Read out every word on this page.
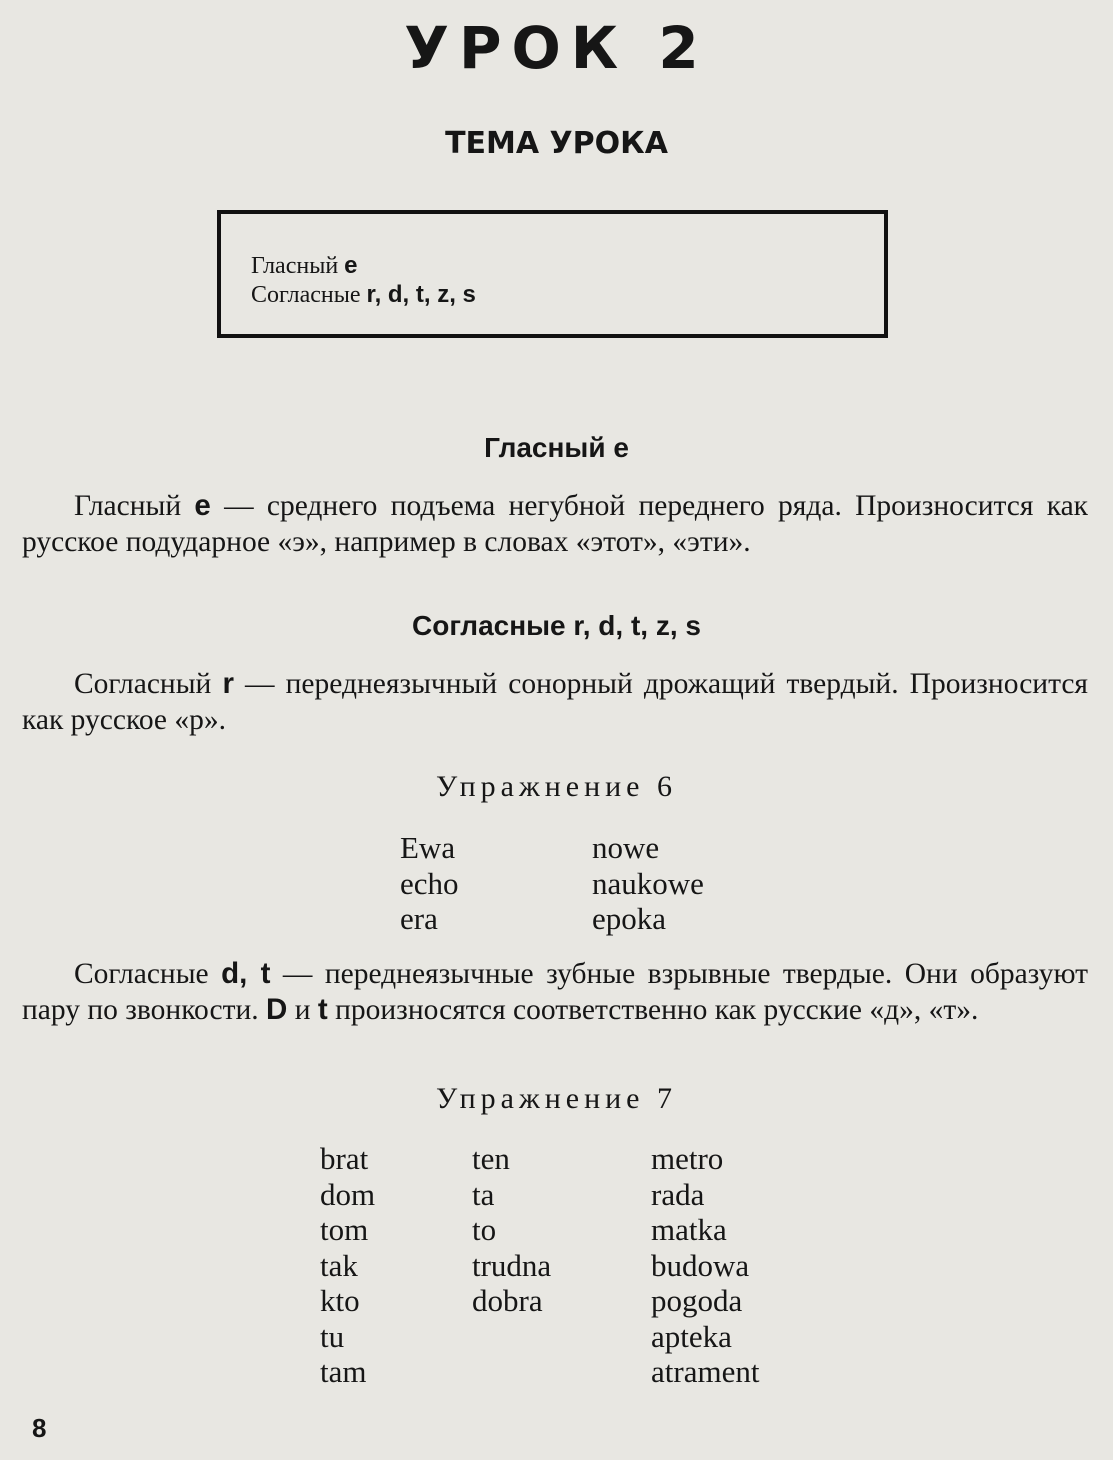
УРОК 2
ТЕМА УРОКА
Гласный e
Согласные r, d, t, z, s
Гласный e
Гласный e — среднего подъема негубной переднего ряда. Произносится как русское подударное «э», например в словах «этот», «эти».
Согласные r, d, t, z, s
Согласный r — переднеязычный сонорный дрожащий твердый. Произносится как русское «р».
Упражнение 6
Ewa
echo
era
nowe
naukowe
epoka
Согласные d, t — переднеязычные зубные взрывные твердые. Они образуют пару по звонкости. D и t произносятся соответственно как русские «д», «т».
Упражнение 7
brat
dom
tom
tak
kto
tu
tam
ten
ta
to
trudna
dobra
metro
rada
matka
budowa
pogoda
apteka
atrament
8
